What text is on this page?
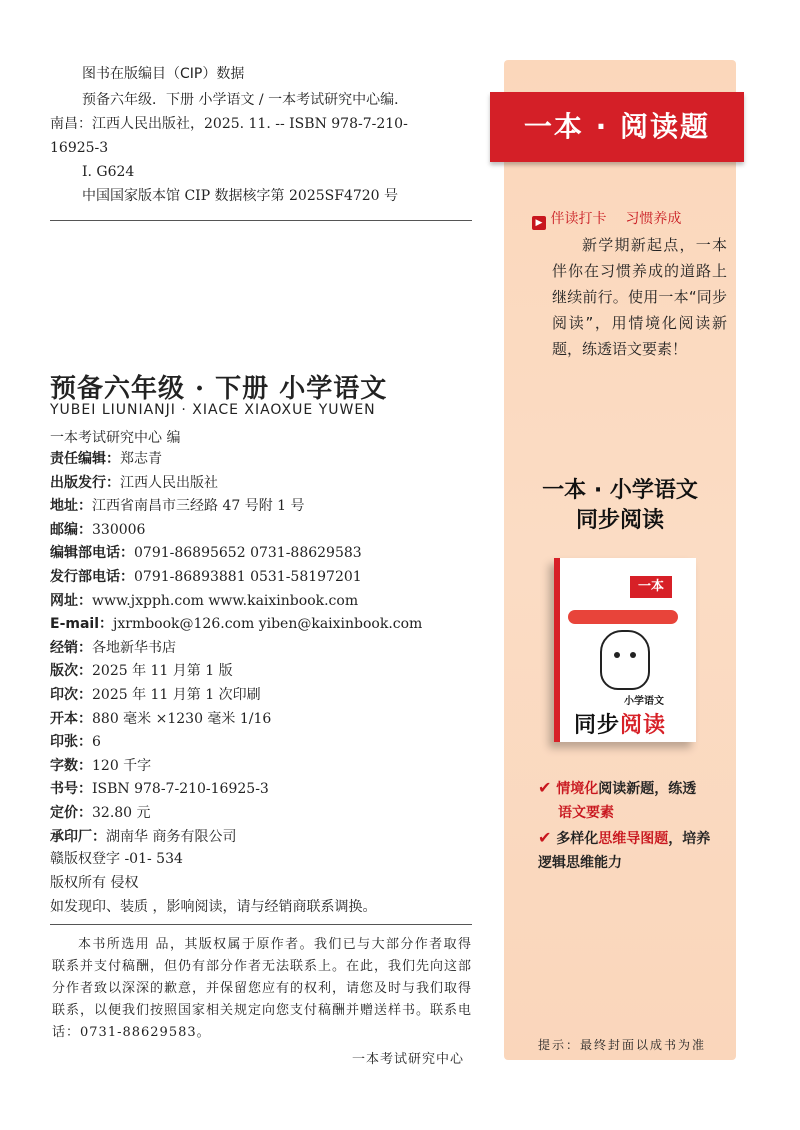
图书在版编目（CIP）数据
预备六年级．下册 小学语文 / 一本考试研究中心编．
南昌：江西人民出版社，2025. 11. -- ISBN 978-7-210-
16925-3
Ⅰ. G624
中国国家版本馆 CIP 数据核字第 2025SF4720 号
预备六年级 · 下册 小学语文
YUBEI LIUNIANJI · XIACE XIAOXUE YUWEN
一本考试研究中心 编
责任编辑：郑志青
出版发行：江西人民出版社
地址：江西省南昌市三经路 47 号附 1 号
邮编：330006
编辑部电话：0791-86895652 0731-88629583
发行部电话：0791-86893881 0531-58197201
网址：www.jxpph.com www.kaixinbook.com
E-mail：jxrmbook@126.com yiben@kaixinbook.com
经销：各地新华书店
版次：2025 年 11 月第 1 版
印次：2025 年 11 月第 1 次印刷
开本：880 毫米 ×1230 毫米 1/16
印张：6
字数：120 千字
书号：ISBN 978-7-210-16925-3
定价：32.80 元
承印厂：湖南华 商务有限公司
赣版权登字 -01- 534
版权所有 侵权
如发现印、装质 ，影响阅读，请与经销商联系调换。
本书所选用 品，其版权属于原作者。我们已与大部分作者取得联系并支付稿酬，但仍有部分作者无法联系上。在此，我们先向这部分作者致以深深的歉意，并保留您应有的权利，请您及时与我们取得联系，以便我们按照国家相关规定向您支付稿酬并赠送样书。联系电话：0731-88629583。
一本考试研究中心
一本 · 阅读题
▶ 伴读打卡 习惯养成
新学期新起点，一本伴你在习惯养成的道路上继续前行。使用一本“同步阅读”，用情境化阅读新题，练透语文要素！
一本 · 小学语文
同步阅读
一本
小学语文
同步阅读
✔ 情境化阅读新题，练透
语文要素
✔ 多样化思维导图题，培养逻辑思维能力
提示：最终封面以成书为准
